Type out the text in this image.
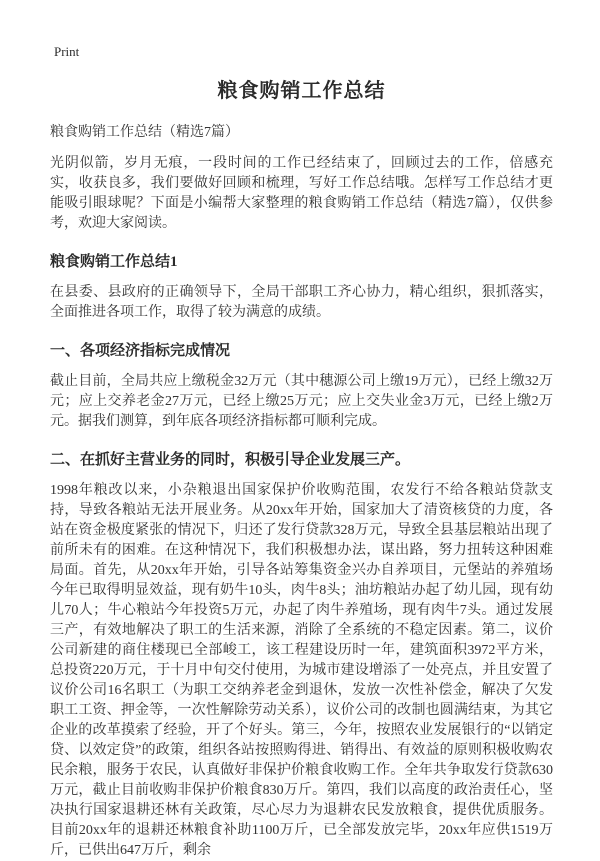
Print
粮食购销工作总结

粮食购销工作总结（精选7篇）

光阴似箭，岁月无痕，一段时间的工作已经结束了，回顾过去的工作，倍感充实，收获良多，我们要做好回顾和梳理，写好工作总结哦。怎样写工作总结才更能吸引眼球呢？下面是小编帮大家整理的粮食购销工作总结（精选7篇），仅供参考，欢迎大家阅读。

粮食购销工作总结1

在县委、县政府的正确领导下，全局干部职工齐心协力，精心组织，狠抓落实，全面推进各项工作，取得了较为满意的成绩。

一、各项经济指标完成情况

截止目前，全局共应上缴税金32万元（其中穗源公司上缴19万元），已经上缴32万元；应上交养老金27万元，已经上缴25万元；应上交失业金3万元，已经上缴2万元。据我们测算，到年底各项经济指标都可顺利完成。

二、在抓好主营业务的同时，积极引导企业发展三产。

1998年粮改以来，小杂粮退出国家保护价收购范围，农发行不给各粮站贷款支持，导致各粮站无法开展业务。从20xx年开始，国家加大了清资核贷的力度，各站在资金极度紧张的情况下，归还了发行贷款328万元，导致全县基层粮站出现了前所未有的困难。在这种情况下，我们积极想办法，谋出路，努力扭转这种困难局面。首先，从20xx年开始，引导各站筹集资金兴办自养项目，元堡站的养殖场今年已取得明显效益，现有奶牛10头，肉牛8头；油坊粮站办起了幼儿园，现有幼儿70人；牛心粮站今年投资5万元，办起了肉牛养殖场，现有肉牛7头。通过发展三产，有效地解决了职工的生活来源，消除了全系统的不稳定因素。第二，议价公司新建的商住楼现已全部峻工，该工程建设历时一年，建筑面积3972平方米，总投资220万元，于十月中旬交付使用，为城市建设增添了一处亮点，并且安置了议价公司16名职工（为职工交纳养老金到退休，发放一次性补偿金，解决了欠发职工工资、押金等，一次性解除劳动关系），议价公司的改制也圆满结束，为其它企业的改革摸索了经验，开了个好头。第三，今年，按照农业发展银行的“以销定贷、以效定贷”的政策，组织各站按照购得进、销得出、有效益的原则积极收购农民余粮，服务于农民，认真做好非保护价粮食收购工作。全年共争取发行贷款630万元，截止目前收购非保护价粮食830万斤。第四，我们以高度的政治责任心，坚决执行国家退耕还林有关政策，尽心尽力为退耕农民发放粮食，提供优质服务。目前20xx年的退耕还林粮食补助1100万斤，已全部发放完毕，20xx年应供1519万斤，已供出647万斤，剩余
